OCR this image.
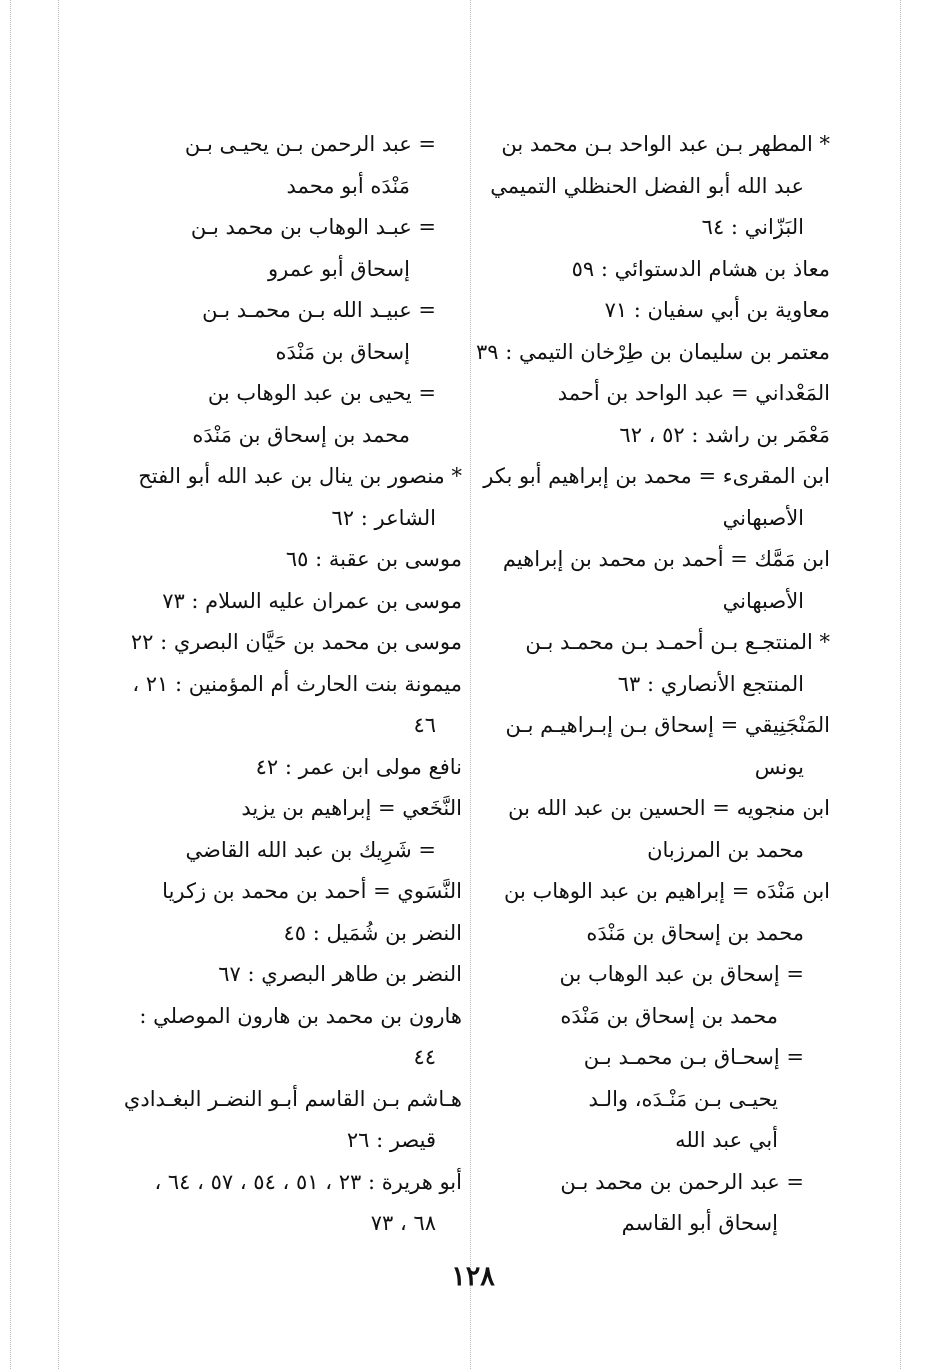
* المطهر بـن عبد الواحد بـن محمد بن
عبد الله أبو الفضل الحنظلي التميمي
البَزّاني : ٦٤
معاذ بن هشام الدستوائي : ٥٩
معاوية بن أبي سفيان : ٧١
معتمر بن سليمان بن طِرْخان التيمي : ٣٩
المَعْداني = عبد الواحد بن أحمد
مَعْمَر بن راشد : ٥٢ ، ٦٢
ابن المقرىء = محمد بن إبراهيم أبو بكر
الأصبهاني
ابن مَمَّك = أحمد بن محمد بن إبراهيم
الأصبهاني
* المنتجـع بـن أحمـد بـن محمـد بـن
المنتجع الأنصاري : ٦٣
المَنْجَنِيقي = إسحاق بـن إبـراهيـم بـن
يونس
ابن منجويه = الحسين بن عبد الله بن
محمد بن المرزبان
ابن مَنْدَه = إبراهيم بن عبد الوهاب بن
محمد بن إسحاق بن مَنْدَه
= إسحاق بن عبد الوهاب بن
محمد بن إسحاق بن مَنْدَه
= إسحـاق بـن محمـد بـن
يحيـى بـن مَنْـدَه، والـد
أبي عبد الله
= عبد الرحمن بن محمد بـن
إسحاق أبو القاسم
= عبد الرحمن بـن يحيـى بـن
مَنْدَه أبو محمد
= عبـد الوهاب بن محمد بـن
إسحاق أبو عمرو
= عبيـد الله بـن محمـد بـن
إسحاق بن مَنْدَه
= يحيى بن عبد الوهاب بن
محمد بن إسحاق بن مَنْدَه
* منصور بن ينال بن عبد الله أبو الفتح
الشاعر : ٦٢
موسى بن عقبة : ٦٥
موسى بن عمران عليه السلام : ٧٣
موسى بن محمد بن حَيَّان البصري : ٢٢
ميمونة بنت الحارث أم المؤمنين : ٢١ ،
٤٦
نافع مولى ابن عمر : ٤٢
النَّخَعي = إبراهيم بن يزيد
= شَرِيك بن عبد الله القاضي
النَّسَوي = أحمد بن محمد بن زكريا
النضر بن شُمَيل : ٤٥
النضر بن طاهر البصري : ٦٧
هارون بن محمد بن هارون الموصلي :
٤٤
هـاشم بـن القاسم أبـو النضـر البغـدادي
قيصر : ٢٦
أبو هريرة : ٢٣ ، ٥١ ، ٥٤ ، ٥٧ ، ٦٤ ،
٦٨ ، ٧٣
١٢٨
